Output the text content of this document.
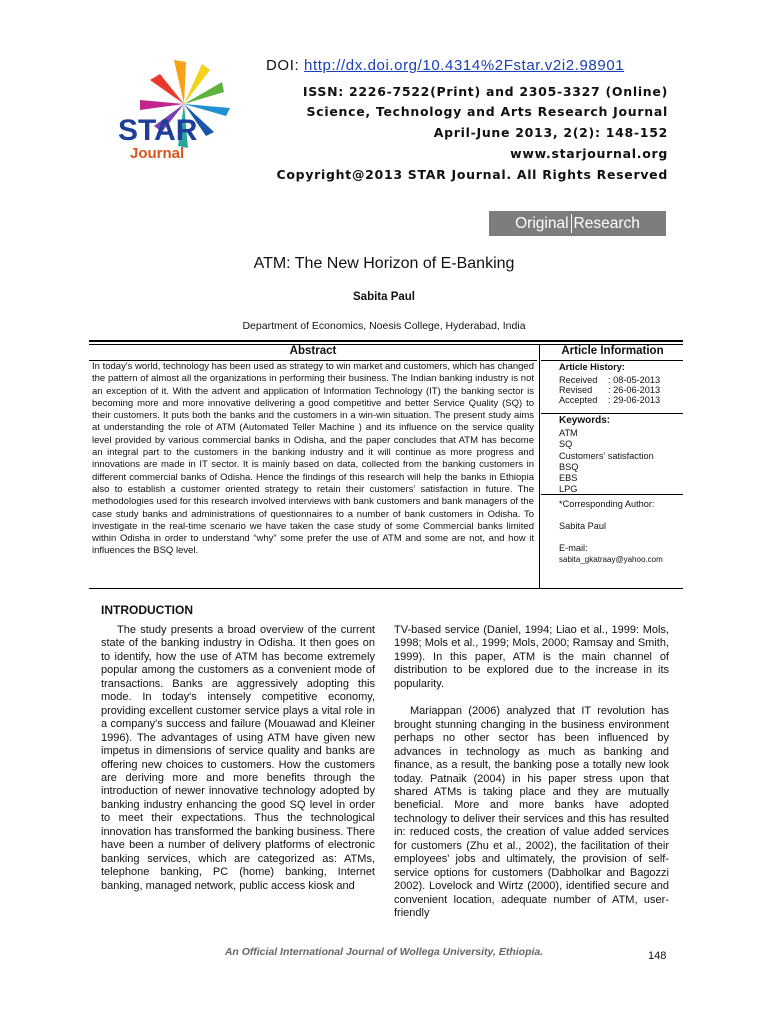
STAR
Journal
DOI: http://dx.doi.org/10.4314%2Fstar.v2i2.98901
ISSN: 2226-7522(Print) and 2305-3327 (Online)
Science, Technology and Arts Research Journal
April-June 2013, 2(2): 148-152
www.starjournal.org
Copyright@2013 STAR Journal. All Rights Reserved
Original Research
ATM: The New Horizon of E-Banking
Sabita Paul
Department of Economics, Noesis College, Hyderabad, India
Abstract	Article Information
In today's world, technology has been used as strategy to win market and customers, which has changed the pattern of almost all the organizations in performing their business. The Indian banking industry is not an exception of it. With the advent and application of Information Technology (IT) the banking sector is becoming more and more innovative delivering a good competitive and better Service Quality (SQ) to their customers. It puts both the banks and the customers in a win-win situation. The present study aims at understanding the role of ATM (Automated Teller Machine ) and its influence on the service quality level provided by various commercial banks in Odisha, and the paper concludes that ATM has become an integral part to the customers in the banking industry and it will continue as more progress and innovations are made in IT sector. It is mainly based on data, collected from the banking customers in different commercial banks of Odisha. Hence the findings of this research will help the banks in Ethiopia also to establish a customer oriented strategy to retain their customers' satisfaction in future. The methodologies used for this research involved interviews with bank customers and bank managers of the case study banks and administrations of questionnaires to a number of bank customers in Odisha. To investigate in the real-time scenario we have taken the case study of some Commercial banks limited within Odisha in order to understand “why” some prefer the use of ATM and some are not, and how it influences the BSQ level.
Article History:
Received	: 08-05-2013
Revised	: 26-06-2013
Accepted	: 29-06-2013
Keywords:
ATM
SQ
Customers' satisfaction
BSQ
EBS
LPG
*Corresponding Author:
Sabita Paul
E-mail:
sabita_gkatraay@yahoo.com
INTRODUCTION

The study presents a broad overview of the current state of the banking industry in Odisha. It then goes on to identify, how the use of ATM has become extremely popular among the customers as a convenient mode of transactions. Banks are aggressively adopting this mode. In today's intensely competitive economy, providing excellent customer service plays a vital role in a company's success and failure (Mouawad and Kleiner 1996). The advantages of using ATM have given new impetus in dimensions of service quality and banks are offering new choices to customers. How the customers are deriving more and more benefits through the introduction of newer innovative technology adopted by banking industry enhancing the good SQ level in order to meet their expectations. Thus the technological innovation has transformed the banking business. There have been a number of delivery platforms of electronic banking services, which are categorized as: ATMs, telephone banking, PC (home) banking, Internet banking, managed network, public access kiosk and

TV-based service (Daniel, 1994; Liao et al., 1999: Mols, 1998; Mols et al., 1999; Mols, 2000; Ramsay and Smith, 1999). In this paper, ATM is the main channel of distribution to be explored due to the increase in its popularity.

Mariappan (2006) analyzed that IT revolution has brought stunning changing in the business environment perhaps no other sector has been influenced by advances in technology as much as banking and finance, as a result, the banking pose a totally new look today. Patnaik (2004) in his paper stress upon that shared ATMs is taking place and they are mutually beneficial. More and more banks have adopted technology to deliver their services and this has resulted in: reduced costs, the creation of value added services for customers (Zhu et al., 2002), the facilitation of their employees' jobs and ultimately, the provision of self-service options for customers (Dabholkar and Bagozzi 2002). Lovelock and Wirtz (2000), identified secure and convenient location, adequate number of ATM, user-friendly

An Official International Journal of Wollega University, Ethiopia.	148
